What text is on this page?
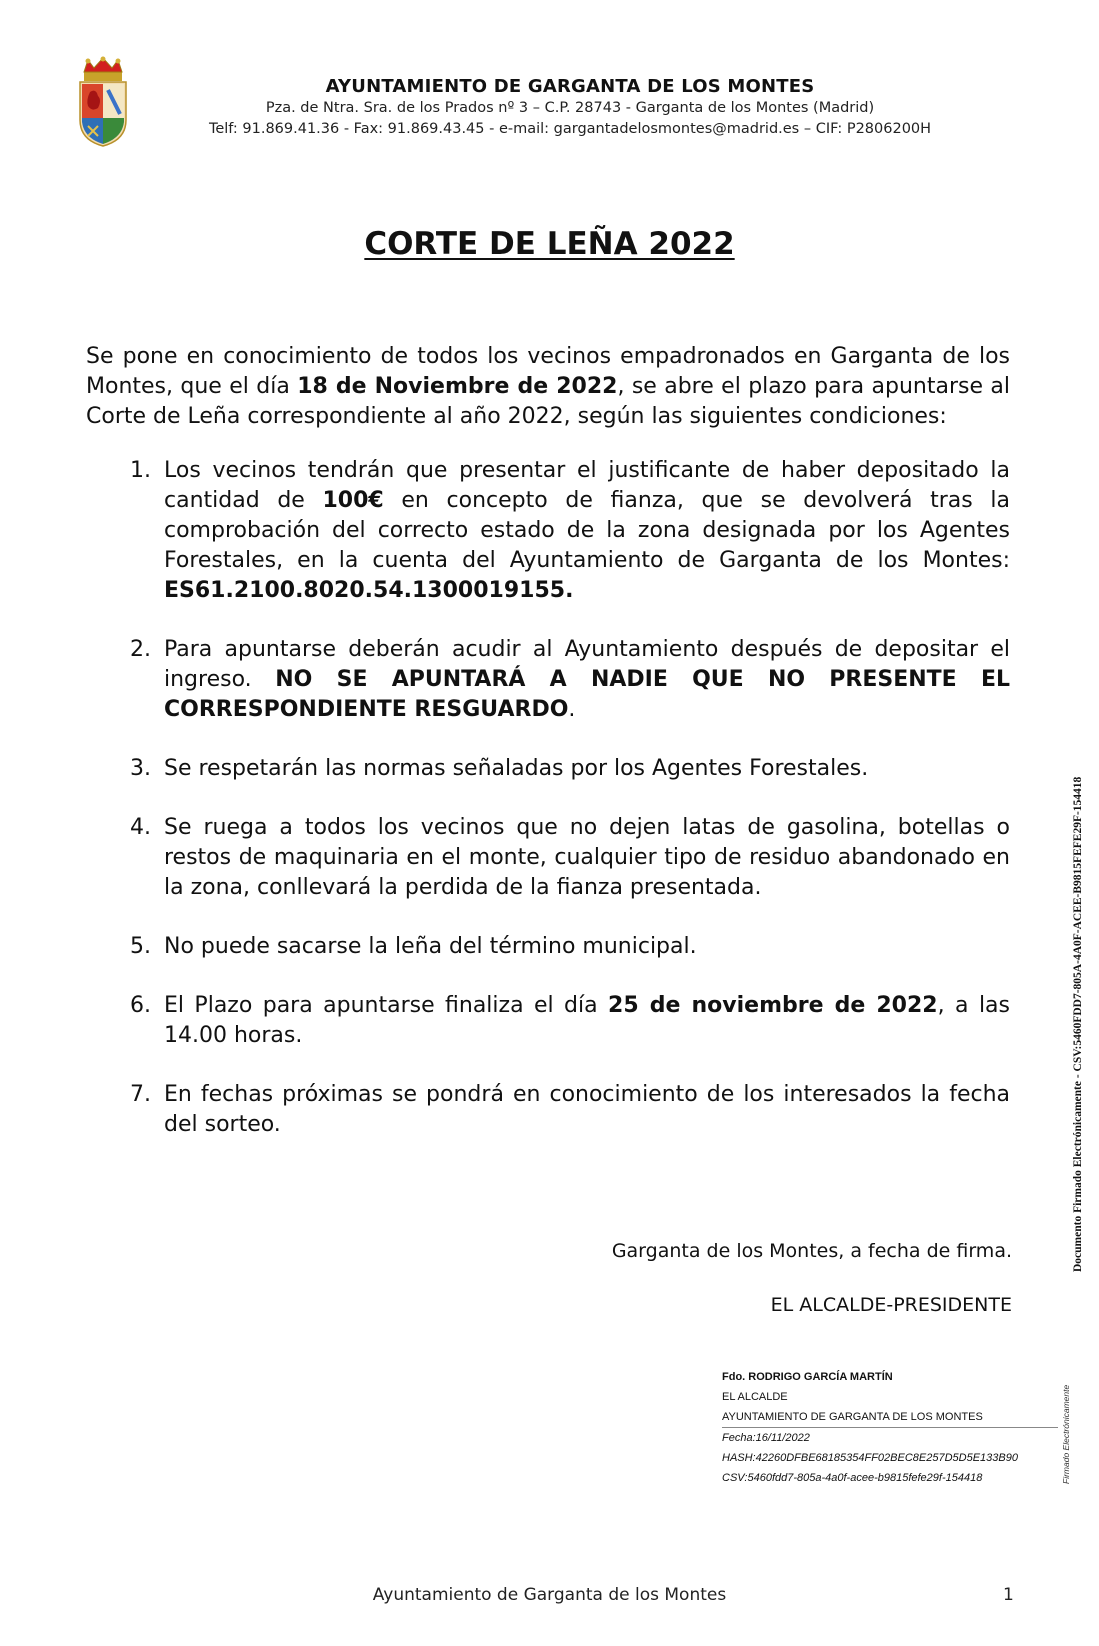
AYUNTAMIENTO DE GARGANTA DE LOS MONTES
Pza. de Ntra. Sra. de los Prados nº 3 – C.P. 28743 - Garganta de los Montes (Madrid)
Telf: 91.869.41.36 - Fax: 91.869.43.45 - e-mail: gargantadelosmontes@madrid.es – CIF: P2806200H
CORTE DE LEÑA 2022

Se pone en conocimiento de todos los vecinos empadronados en Garganta de los Montes, que el día 18 de Noviembre de 2022, se abre el plazo para apuntarse al Corte de Leña correspondiente al año 2022, según las siguientes condiciones:

1. Los vecinos tendrán que presentar el justificante de haber depositado la cantidad de 100€ en concepto de fianza, que se devolverá tras la comprobación del correcto estado de la zona designada por los Agentes Forestales, en la cuenta del Ayuntamiento de Garganta de los Montes: ES61.2100.8020.54.1300019155.
2. Para apuntarse deberán acudir al Ayuntamiento después de depositar el ingreso. NO SE APUNTARÁ A NADIE QUE NO PRESENTE EL CORRESPONDIENTE RESGUARDO.
3. Se respetarán las normas señaladas por los Agentes Forestales.
4. Se ruega a todos los vecinos que no dejen latas de gasolina, botellas o restos de maquinaria en el monte, cualquier tipo de residuo abandonado en la zona, conllevará la perdida de la fianza presentada.
5. No puede sacarse la leña del término municipal.
6. El Plazo para apuntarse finaliza el día 25 de noviembre de 2022, a las 14.00 horas.
7. En fechas próximas se pondrá en conocimiento de los interesados la fecha del sorteo.
Garganta de los Montes, a fecha de firma.
EL ALCALDE-PRESIDENTE
Fdo. RODRIGO GARCÍA MARTÍN
EL ALCALDE
AYUNTAMIENTO DE GARGANTA DE LOS MONTES
Fecha:16/11/2022
HASH:42260DFBE68185354FF02BEC8E257D5D5E133B90
CSV:5460fdd7-805a-4a0f-acee-b9815fefe29f-154418	Firmado Electrónicamente
Documento Firmado Electrónicamente - CSV:5460FDD7-805A-4A0F-ACEE-B9815FEFE29F-154418
Ayuntamiento de Garganta de los Montes	1
